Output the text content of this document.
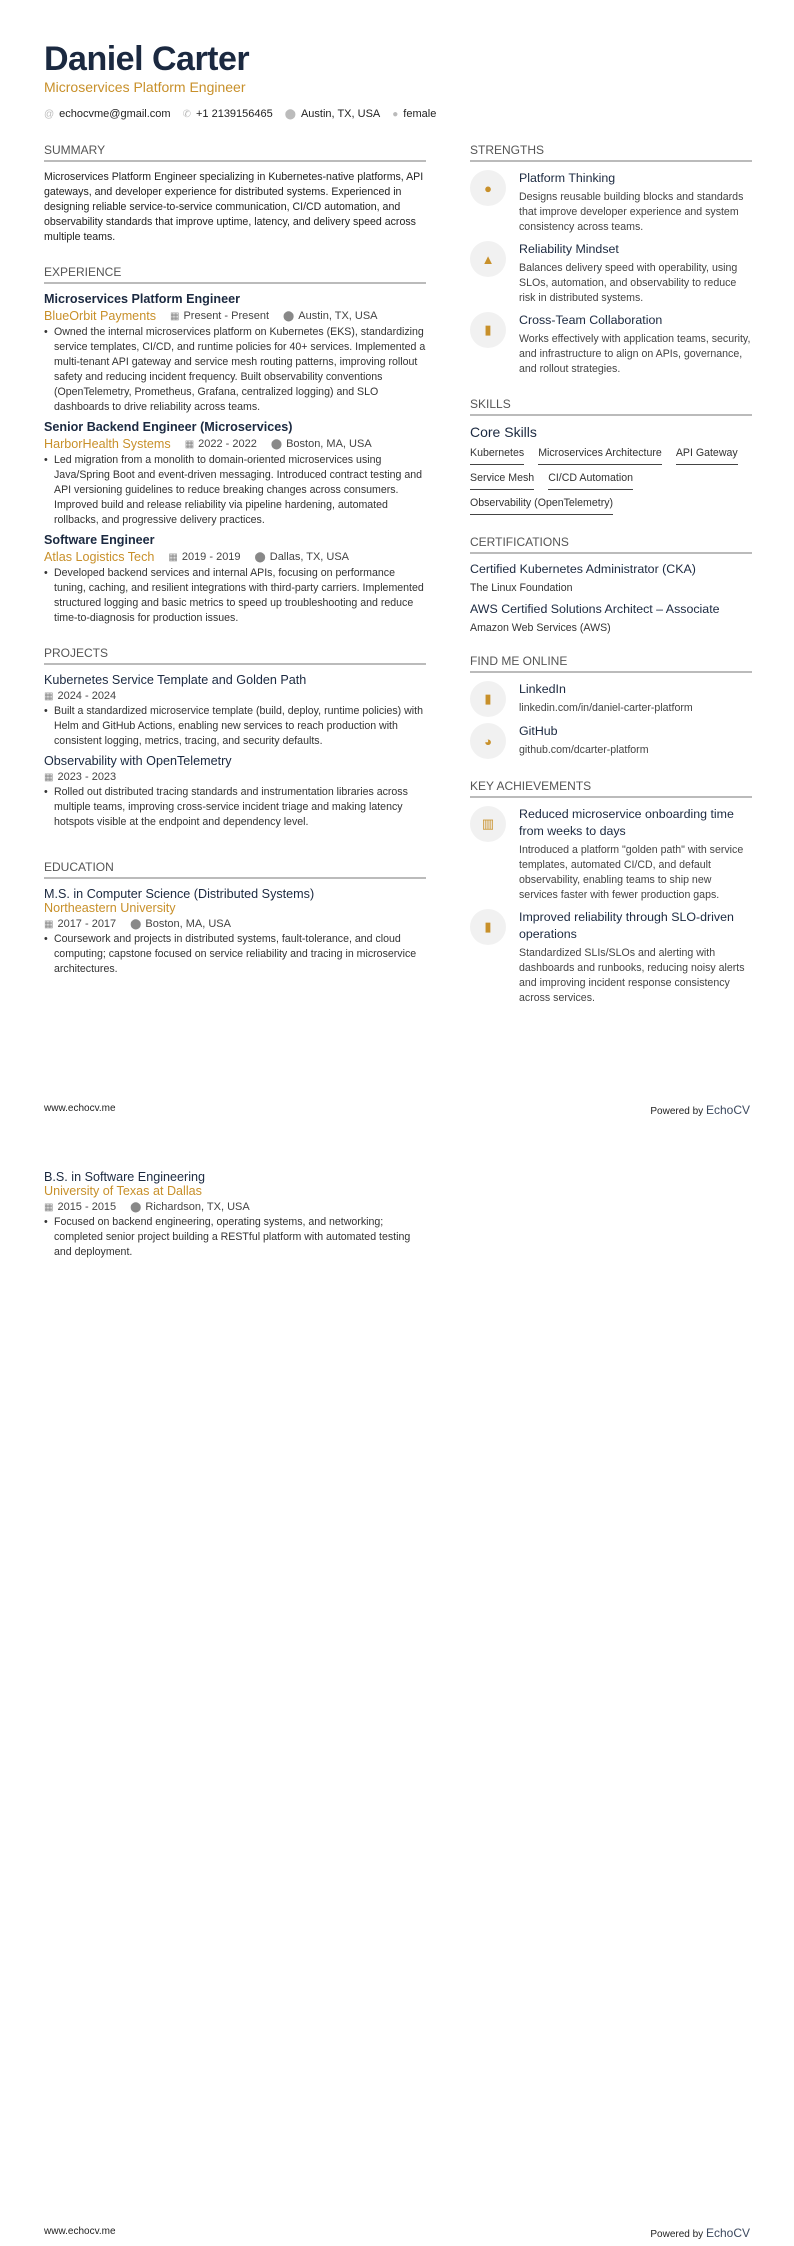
Daniel Carter
Microservices Platform Engineer
@ echocvme@gmail.com ✆ +1 2139156465 ⬤ Austin, TX, USA ● female
SUMMARY
Microservices Platform Engineer specializing in Kubernetes-native platforms, API gateways, and developer experience for distributed systems. Experienced in designing reliable service-to-service communication, CI/CD automation, and observability standards that improve uptime, latency, and delivery speed across multiple teams.
EXPERIENCE
Microservices Platform Engineer
BlueOrbit Payments ▦ Present - Present ⬤ Austin, TX, USA
• Owned the internal microservices platform on Kubernetes (EKS), standardizing service templates, CI/CD, and runtime policies for 40+ services. Implemented a multi-tenant API gateway and service mesh routing patterns, improving rollout safety and reducing incident frequency. Built observability conventions (OpenTelemetry, Prometheus, Grafana, centralized logging) and SLO dashboards to drive reliability across teams.
Senior Backend Engineer (Microservices)
HarborHealth Systems ▦ 2022 - 2022 ⬤ Boston, MA, USA
• Led migration from a monolith to domain-oriented microservices using Java/Spring Boot and event-driven messaging. Introduced contract testing and API versioning guidelines to reduce breaking changes across consumers. Improved build and release reliability via pipeline hardening, automated rollbacks, and progressive delivery practices.
Software Engineer
Atlas Logistics Tech ▦ 2019 - 2019 ⬤ Dallas, TX, USA
• Developed backend services and internal APIs, focusing on performance tuning, caching, and resilient integrations with third-party carriers. Implemented structured logging and basic metrics to speed up troubleshooting and reduce time-to-diagnosis for production issues.
PROJECTS
Kubernetes Service Template and Golden Path
▦ 2024 - 2024
• Built a standardized microservice template (build, deploy, runtime policies) with Helm and GitHub Actions, enabling new services to reach production with consistent logging, metrics, tracing, and security defaults.
Observability with OpenTelemetry
▦ 2023 - 2023
• Rolled out distributed tracing standards and instrumentation libraries across multiple teams, improving cross-service incident triage and making latency hotspots visible at the endpoint and dependency level.
EDUCATION
M.S. in Computer Science (Distributed Systems)
Northeastern University
▦ 2017 - 2017 ⬤ Boston, MA, USA
• Coursework and projects in distributed systems, fault-tolerance, and cloud computing; capstone focused on service reliability and tracing in microservice architectures.
STRENGTHS
●
Platform Thinking
Designs reusable building blocks and standards that improve developer experience and system consistency across teams.
▲
Reliability Mindset
Balances delivery speed with operability, using SLOs, automation, and observability to reduce risk in distributed systems.
▮
Cross-Team Collaboration
Works effectively with application teams, security, and infrastructure to align on APIs, governance, and rollout strategies.
SKILLS
Core Skills
Kubernetes Microservices Architecture API Gateway
Service Mesh CI/CD Automation
Observability (OpenTelemetry)
CERTIFICATIONS
Certified Kubernetes Administrator (CKA)
The Linux Foundation
AWS Certified Solutions Architect – Associate
Amazon Web Services (AWS)
FIND ME ONLINE
▮
LinkedIn
linkedin.com/in/daniel-carter-platform
◕
GitHub
github.com/dcarter-platform
KEY ACHIEVEMENTS
▥
Reduced microservice onboarding time from weeks to days
Introduced a platform "golden path" with service templates, automated CI/CD, and default observability, enabling teams to ship new services faster with fewer production gaps.
▮
Improved reliability through SLO-driven operations
Standardized SLIs/SLOs and alerting with dashboards and runbooks, reducing noisy alerts and improving incident response consistency across services.
www.echocv.me	Powered by EchoCV
B.S. in Software Engineering
University of Texas at Dallas
▦ 2015 - 2015 ⬤ Richardson, TX, USA
• Focused on backend engineering, operating systems, and networking; completed senior project building a RESTful platform with automated testing and deployment.
www.echocv.me	Powered by EchoCV
